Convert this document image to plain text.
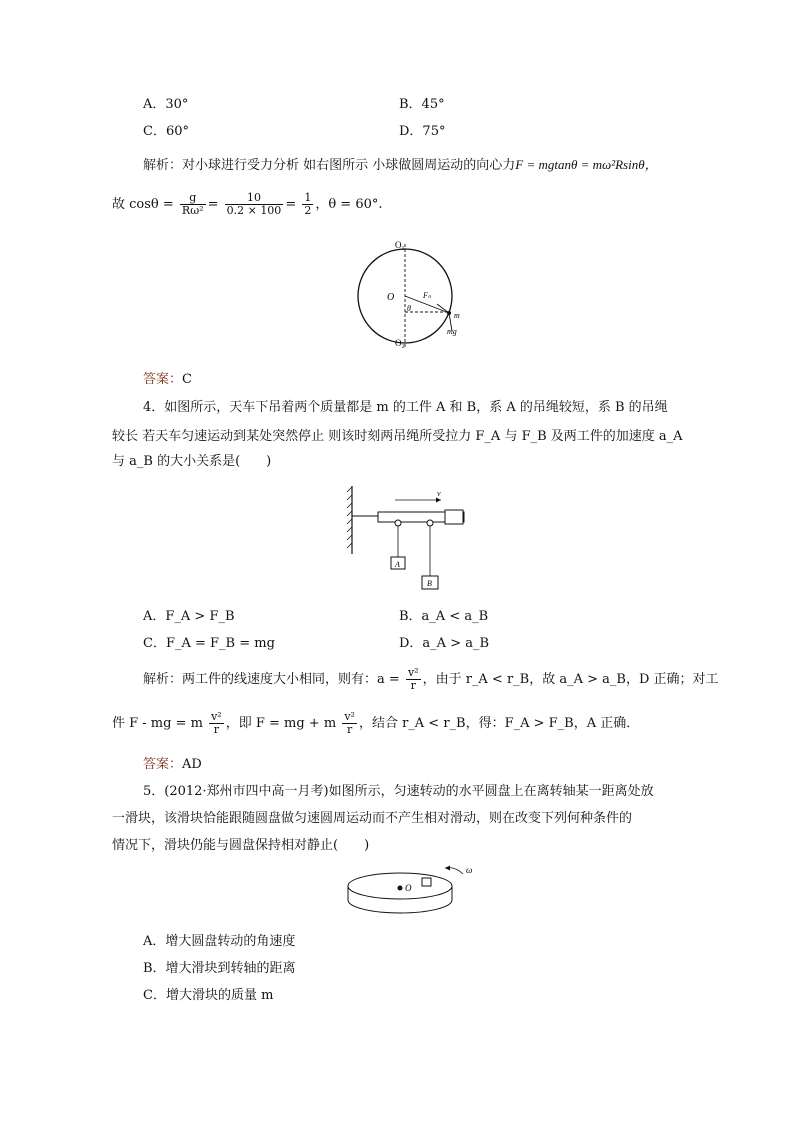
A．30°	B．45°
C．60°	D．75°
解析：对小球进行受力分析 如右图所示 小球做圆周运动的向心力F = mgtanθ = mω²Rsinθ，
故 $\cos\theta = \frac{g}{\text{Rω²}} = \frac{10}{0.2 \times 100} = \frac{1}{2}$ ，θ = 60°.
O₁
O
O₂
Fₙ
θ
m
mg
答案：C
4．如图所示，天车下吊着两个质量都是 m 的工件 A 和 B，系 A 的吊绳较短，系 B 的吊绳
较长 若天车匀速运动到某处突然停止 则该时刻两吊绳所受拉力 F_A 与 F_B 及两工件的加速度 a_A
与 a_B 的大小关系是(　　)
v
A
B
A．F_A > F_B	B．a_A < a_B
C．F_A = F_B = mg	D．a_A > a_B
解析：两工件的线速度大小相同，则有：$a = \frac{\text{v²}}{r}$ ，由于 r_A < r_B，故 a_A > a_B，D 正确；对工
件 F - mg = m $\frac{\text{v²}}{r}$ ，即 F = mg + m $\frac{\text{v²}}{r}$ ，结合 r_A < r_B，得：F_A > F_B，A 正确．
答案：AD
5．(2012·郑州市四中高一月考)如图所示，匀速转动的水平圆盘上在离转轴某一距离处放
一滑块，该滑块恰能跟随圆盘做匀速圆周运动而不产生相对滑动，则在改变下列何种条件的
情况下，滑块仍能与圆盘保持相对静止(　　)
O
ω
A．增大圆盘转动的角速度
B．增大滑块到转轴的距离
C．增大滑块的质量 m
